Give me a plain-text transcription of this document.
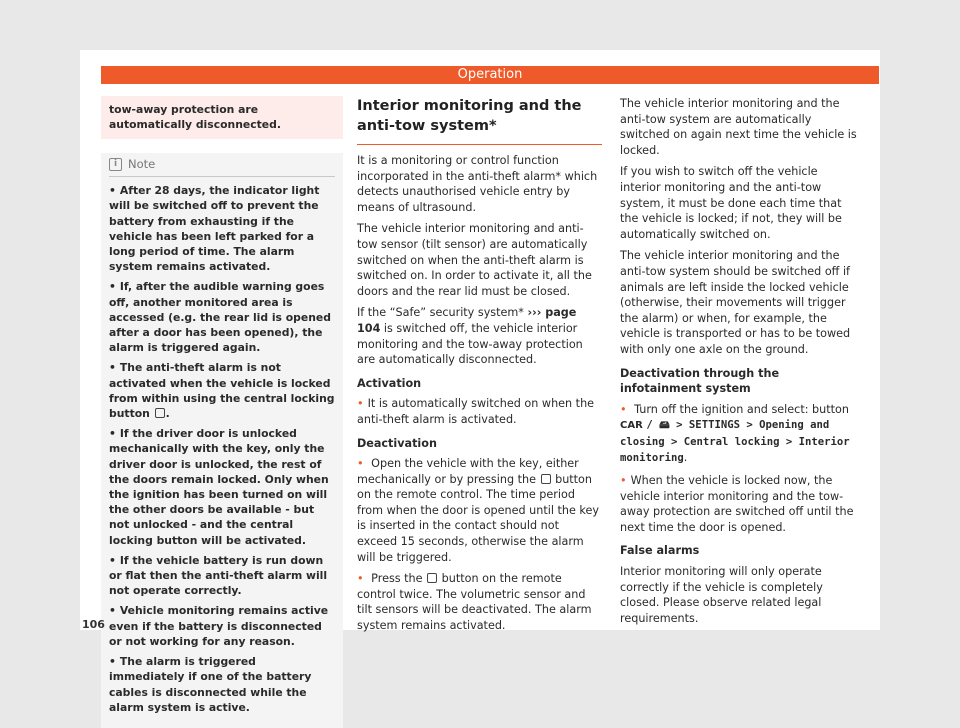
Operation
tow-away protection are automatically disconnected.
i Note
• After 28 days, the indicator light will be switched off to prevent the battery from exhausting if the vehicle has been left parked for a long period of time. The alarm system remains activated.
• If, after the audible warning goes off, another monitored area is accessed (e.g. the rear lid is opened after a door has been opened), the alarm is triggered again.
• The anti-theft alarm is not activated when the vehicle is locked from within using the central locking button .
• If the driver door is unlocked mechanically with the key, only the driver door is unlocked, the rest of the doors remain locked. Only when the ignition has been turned on will the other doors be available - but not unlocked - and the central locking button will be activated.
• If the vehicle battery is run down or flat then the anti-theft alarm will not operate correctly.
• Vehicle monitoring remains active even if the battery is disconnected or not working for any reason.
• The alarm is triggered immediately if one of the battery cables is disconnected while the alarm system is active.
Interior monitoring and the anti-tow system*

It is a monitoring or control function incorporated in the anti-theft alarm* which detects unauthorised vehicle entry by means of ultrasound.

The vehicle interior monitoring and anti-tow sensor (tilt sensor) are automatically switched on when the anti-theft alarm is switched on. In order to activate it, all the doors and the rear lid must be closed.

If the “Safe” security system* ››› page 104 is switched off, the vehicle interior monitoring and the tow-away protection are automatically disconnected.

Activation

• It is automatically switched on when the anti-theft alarm is activated.

Deactivation

• Open the vehicle with the key, either mechanically or by pressing the button on the remote control. The time period from when the door is opened until the key is inserted in the contact should not exceed 15 seconds, otherwise the alarm will be triggered.

• Press the button on the remote control twice. The volumetric sensor and tilt sensors will be deactivated. The alarm system remains activated.

The vehicle interior monitoring and the anti-tow system are automatically switched on again next time the vehicle is locked.

If you wish to switch off the vehicle interior monitoring and the anti-tow system, it must be done each time that the vehicle is locked; if not, they will be automatically switched on.

The vehicle interior monitoring and the anti-tow system should be switched off if animals are left inside the locked vehicle (otherwise, their movements will trigger the alarm) or when, for example, the vehicle is transported or has to be towed with only one axle on the ground.

Deactivation through the infotainment system

• Turn off the ignition and select: button CAR / 🖴 > SETTINGS > Opening and closing > Central locking > Interior monitoring.

• When the vehicle is locked now, the vehicle interior monitoring and the tow-away protection are switched off until the next time the door is opened.

False alarms

Interior monitoring will only operate correctly if the vehicle is completely closed. Please observe related legal requirements.

106
